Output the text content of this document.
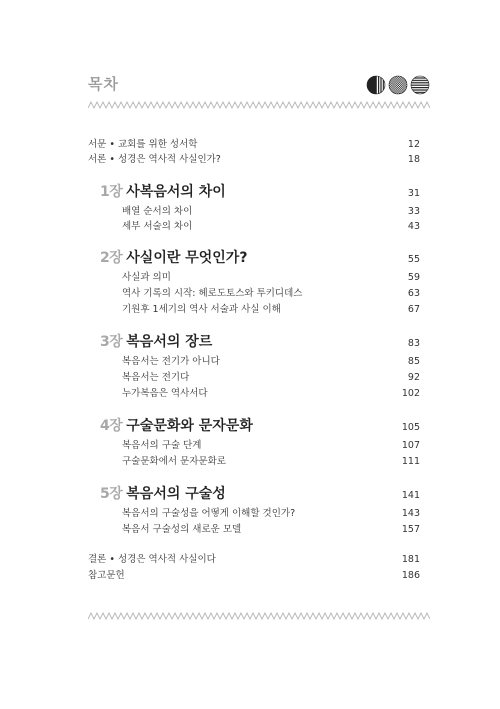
목차
서문 • 교회를 위한 성서학	12
서론 • 성경은 역사적 사실인가?	18
1장 사복음서의 차이	31
배열 순서의 차이	33
세부 서술의 차이	43
2장 사실이란 무엇인가?	55
사실과 의미	59
역사 기록의 시작: 헤로도토스와 투키디데스	63
기원후 1세기의 역사 서술과 사실 이해	67
3장 복음서의 장르	83
복음서는 전기가 아니다	85
복음서는 전기다	92
누가복음은 역사서다	102
4장 구술문화와 문자문화	105
복음서의 구술 단계	107
구술문화에서 문자문화로	111
5장 복음서의 구술성	141
복음서의 구술성을 어떻게 이해할 것인가?	143
복음서 구술성의 새로운 모델	157
결론 • 성경은 역사적 사실이다	181
참고문헌	186
